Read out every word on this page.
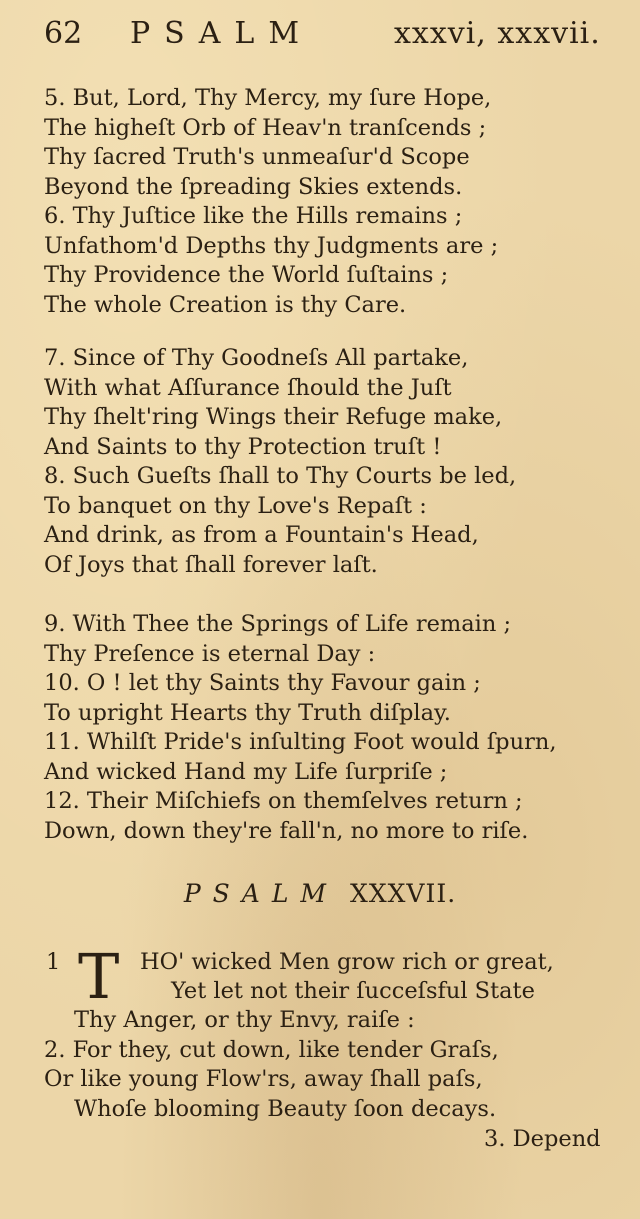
62 PSALM	xxxvi, xxxvii.
5. But, Lord, Thy Mercy, my ſure Hope,
The higheſt Orb of Heav'n tranſcends ;
Thy ſacred Truth's unmeaſur'd Scope
Beyond the ſpreading Skies extends.
6. Thy Juſtice like the Hills remains ;
Unfathom'd Depths thy Judgments are ;
Thy Providence the World ſuſtains ;
The whole Creation is thy Care.
7. Since of Thy Goodneſs All partake,
With what Aſſurance ſhould the Juſt
Thy ſhelt'ring Wings their Refuge make,
And Saints to thy Protection truſt !
8. Such Gueſts ſhall to Thy Courts be led,
To banquet on thy Love's Repaſt :
And drink, as from a Fountain's Head,
Of Joys that ſhall forever laſt.
9. With Thee the Springs of Life remain ;
Thy Preſence is eternal Day :
10. O ! let thy Saints thy Favour gain ;
To upright Hearts thy Truth diſplay.
11. Whilſt Pride's inſulting Foot would ſpurn,
And wicked Hand my Life ſurpriſe ;
12. Their Miſchiefs on themſelves return ;
Down, down they're fall'n, no more to riſe.
PSALM XXXVII.
1 T HO' wicked Men grow rich or great,
Yet let not their ſucceſsful State
Thy Anger, or thy Envy, raiſe :
2. For they, cut down, like tender Graſs,
Or like young Flow'rs, away ſhall paſs,
Whoſe blooming Beauty ſoon decays.
3. Depend
